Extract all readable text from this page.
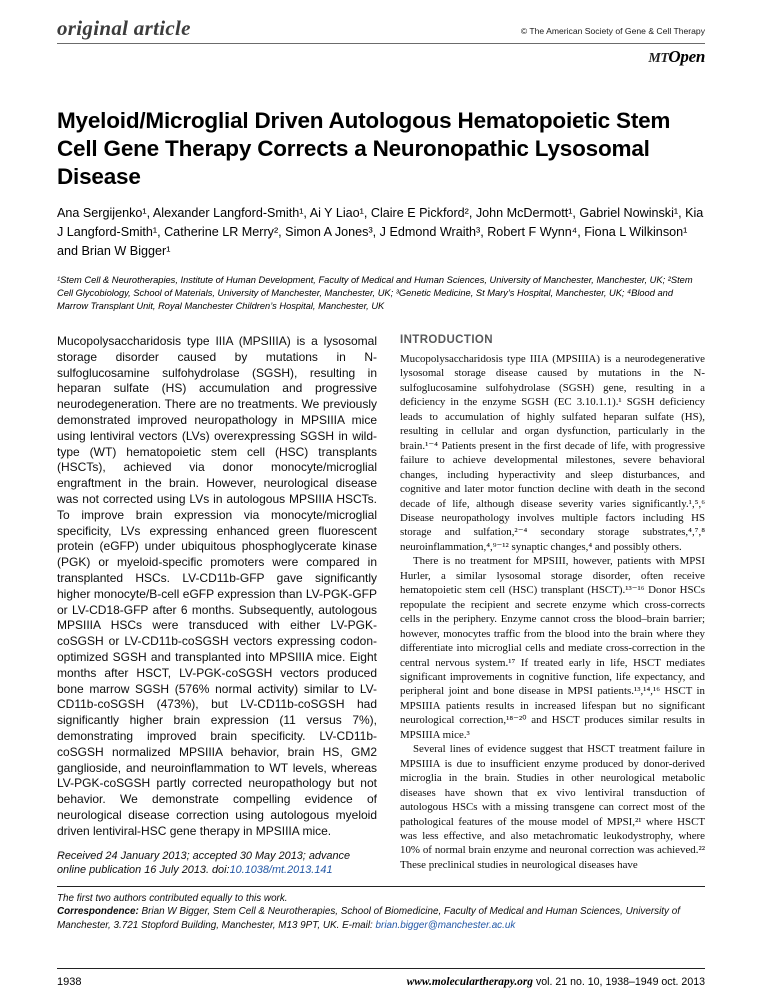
original article	© The American Society of Gene & Cell Therapy
MTOpen
Myeloid/Microglial Driven Autologous Hematopoietic Stem Cell Gene Therapy Corrects a Neuronopathic Lysosomal Disease
Ana Sergijenko¹, Alexander Langford-Smith¹, Ai Y Liao¹, Claire E Pickford², John McDermott¹, Gabriel Nowinski¹, Kia J Langford-Smith¹, Catherine LR Merry², Simon A Jones³, J Edmond Wraith³, Robert F Wynn⁴, Fiona L Wilkinson¹ and Brian W Bigger¹
¹Stem Cell & Neurotherapies, Institute of Human Development, Faculty of Medical and Human Sciences, University of Manchester, Manchester, UK; ²Stem Cell Glycobiology, School of Materials, University of Manchester, Manchester, UK; ³Genetic Medicine, St Mary’s Hospital, Manchester, UK; ⁴Blood and Marrow Transplant Unit, Royal Manchester Children’s Hospital, Manchester, UK
Mucopolysaccharidosis type IIIA (MPSIIIA) is a lysosomal storage disorder caused by mutations in N-sulfoglucosamine sulfohydrolase (SGSH), resulting in heparan sulfate (HS) accumulation and progressive neurodegeneration. There are no treatments. We previously demonstrated improved neuropathology in MPSIIIA mice using lentiviral vectors (LVs) overexpressing SGSH in wild-type (WT) hematopoietic stem cell (HSC) transplants (HSCTs), achieved via donor monocyte/microglial engraftment in the brain. However, neurological disease was not corrected using LVs in autologous MPSIIIA HSCTs. To improve brain expression via monocyte/microglial specificity, LVs expressing enhanced green fluorescent protein (eGFP) under ubiquitous phosphoglycerate kinase (PGK) or myeloid-specific promoters were compared in transplanted HSCs. LV-CD11b-GFP gave significantly higher monocyte/B-cell eGFP expression than LV-PGK-GFP or LV-CD18-GFP after 6 months. Subsequently, autologous MPSIIIA HSCs were transduced with either LV-PGK-coSGSH or LV-CD11b-coSGSH vectors expressing codon-optimized SGSH and transplanted into MPSIIIA mice. Eight months after HSCT, LV-PGK-coSGSH vectors produced bone marrow SGSH (576% normal activity) similar to LV-CD11b-coSGSH (473%), but LV-CD11b-coSGSH had significantly higher brain expression (11 versus 7%), demonstrating improved brain specificity. LV-CD11b-coSGSH normalized MPSIIIA behavior, brain HS, GM2 ganglioside, and neuroinflammation to WT levels, whereas LV-PGK-coSGSH partly corrected neuropathology but not behavior. We demonstrate compelling evidence of neurological disease correction using autologous myeloid driven lentiviral-HSC gene therapy in MPSIIIA mice.
Received 24 January 2013; accepted 30 May 2013; advance online publication 16 July 2013. doi:10.1038/mt.2013.141
INTRODUCTION

Mucopolysaccharidosis type IIIA (MPSIIIA) is a neurodegenerative lysosomal storage disease caused by mutations in the N-sulfoglucosamine sulfohydrolase (SGSH) gene, resulting in a deficiency in the enzyme SGSH (EC 3.10.1.1).¹ SGSH deficiency leads to accumulation of highly sulfated heparan sulfate (HS), resulting in cellular and organ dysfunction, particularly in the brain.¹⁻⁴ Patients present in the first decade of life, with progressive failure to achieve developmental milestones, severe behavioral changes, including hyperactivity and sleep disturbances, and cognitive and later motor function decline with death in the second decade of life, although disease severity varies significantly.¹,⁵,⁶ Disease neuropathology involves multiple factors including HS storage and sulfation,²⁻⁴ secondary storage substrates,⁴,⁷,⁸ neuroinflammation,⁴,⁹⁻¹² synaptic changes,⁴ and possibly others.

There is no treatment for MPSIII, however, patients with MPSI Hurler, a similar lysosomal storage disorder, often receive hematopoietic stem cell (HSC) transplant (HSCT).¹³⁻¹⁶ Donor HSCs repopulate the recipient and secrete enzyme which cross-corrects cells in the periphery. Enzyme cannot cross the blood–brain barrier; however, monocytes traffic from the blood into the brain where they differentiate into microglial cells and mediate cross-correction in the central nervous system.¹⁷ If treated early in life, HSCT mediates significant improvements in cognitive function, life expectancy, and peripheral joint and bone disease in MPSI patients.¹³,¹⁴,¹⁶ HSCT in MPSIIIA patients results in increased lifespan but no significant neurological correction,¹⁸⁻²⁰ and HSCT produces similar results in MPSIIIA mice.³

Several lines of evidence suggest that HSCT treatment failure in MPSIIIA is due to insufficient enzyme produced by donor-derived microglia in the brain. Studies in other neurological metabolic diseases have shown that ex vivo lentiviral transduction of autologous HSCs with a missing transgene can correct most of the pathological features of the mouse model of MPSI,²¹ where HSCT was less effective, and also metachromatic leukodystrophy, where 10% of normal brain enzyme and neuronal correction was achieved.²² These preclinical studies in neurological diseases have

The first two authors contributed equally to this work.
Correspondence: Brian W Bigger, Stem Cell & Neurotherapies, School of Biomedicine, Faculty of Medical and Human Sciences, University of Manchester, 3.721 Stopford Building, Manchester, M13 9PT, UK. E-mail: brian.bigger@manchester.ac.uk
1938	www.moleculartherapy.org vol. 21 no. 10, 1938–1949 oct. 2013
